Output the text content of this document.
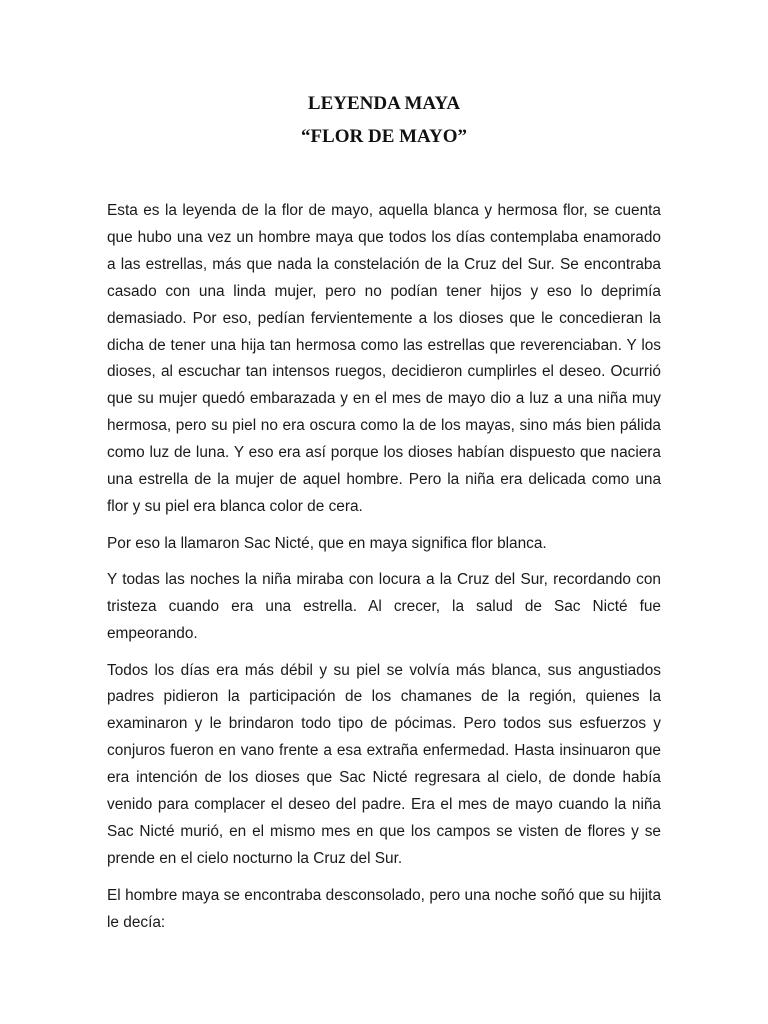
LEYENDA MAYA

“FLOR DE MAYO”

Esta es la leyenda de la flor de mayo, aquella blanca y hermosa flor, se cuenta que hubo una vez un hombre maya que todos los días contemplaba enamorado a las estrellas, más que nada la constelación de la Cruz del Sur. Se encontraba casado con una linda mujer, pero no podían tener hijos y eso lo deprimía demasiado. Por eso, pedían fervientemente a los dioses que le concedieran la dicha de tener una hija tan hermosa como las estrellas que reverenciaban. Y los dioses, al escuchar tan intensos ruegos, decidieron cumplirles el deseo. Ocurrió que su mujer quedó embarazada y en el mes de mayo dio a luz a una niña muy hermosa, pero su piel no era oscura como la de los mayas, sino más bien pálida como luz de luna. Y eso era así porque los dioses habían dispuesto que naciera una estrella de la mujer de aquel hombre. Pero la niña era delicada como una flor y su piel era blanca color de cera.

Por eso la llamaron Sac Nicté, que en maya significa flor blanca.

Y todas las noches la niña miraba con locura a la Cruz del Sur, recordando con tristeza cuando era una estrella. Al crecer, la salud de Sac Nicté fue empeorando.

Todos los días era más débil y su piel se volvía más blanca, sus angustiados padres pidieron la participación de los chamanes de la región, quienes la examinaron y le brindaron todo tipo de pócimas. Pero todos sus esfuerzos y conjuros fueron en vano frente a esa extraña enfermedad. Hasta insinuaron que era intención de los dioses que Sac Nicté regresara al cielo, de donde había venido para complacer el deseo del padre. Era el mes de mayo cuando la niña Sac Nicté murió, en el mismo mes en que los campos se visten de flores y se prende en el cielo nocturno la Cruz del Sur.

El hombre maya se encontraba desconsolado, pero una noche soñó que su hijita le decía:
